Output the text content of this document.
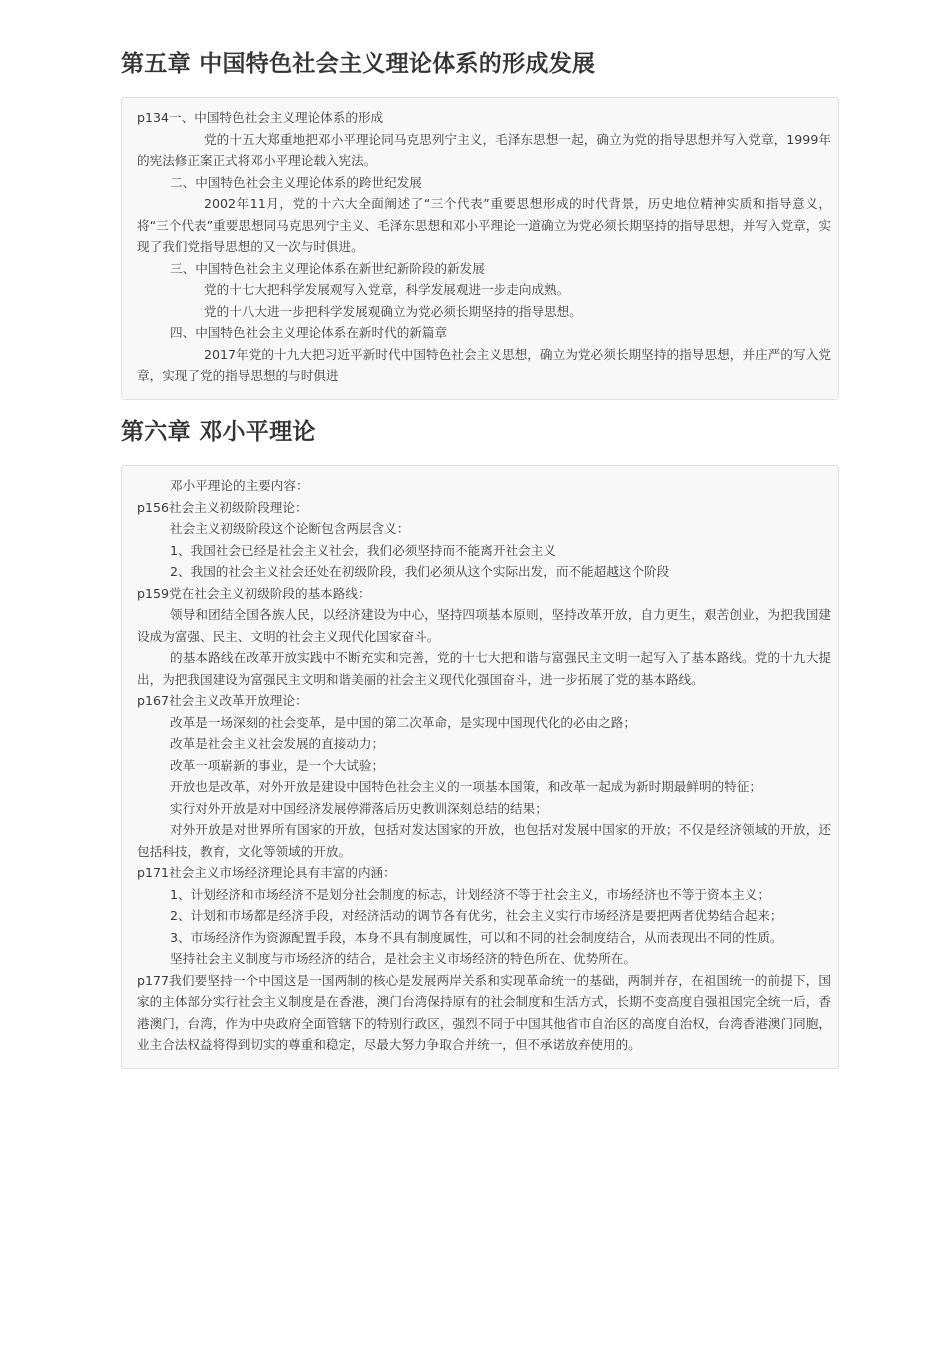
第五章 中国特色社会主义理论体系的形成发展

p134一、中国特色社会主义理论体系的形成

党的十五大郑重地把邓小平理论同马克思列宁主义，毛泽东思想一起，确立为党的指导思想并写入党章，1999年的宪法修正案正式将邓小平理论载入宪法。

二、中国特色社会主义理论体系的跨世纪发展

2002年11月，党的十六大全面阐述了“三个代表”重要思想形成的时代背景，历史地位精神实质和指导意义，将“三个代表”重要思想同马克思列宁主义、毛泽东思想和邓小平理论一道确立为党必须长期坚持的指导思想，并写入党章，实现了我们党指导思想的又一次与时俱进。

三、中国特色社会主义理论体系在新世纪新阶段的新发展

党的十七大把科学发展观写入党章，科学发展观进一步走向成熟。

党的十八大进一步把科学发展观确立为党必须长期坚持的指导思想。

四、中国特色社会主义理论体系在新时代的新篇章

2017年党的十九大把习近平新时代中国特色社会主义思想，确立为党必须长期坚持的指导思想，并庄严的写入党章，实现了党的指导思想的与时俱进

第六章 邓小平理论

邓小平理论的主要内容：

p156社会主义初级阶段理论：

社会主义初级阶段这个论断包含两层含义：

1、我国社会已经是社会主义社会，我们必须坚持而不能离开社会主义

2、我国的社会主义社会还处在初级阶段，我们必须从这个实际出发，而不能超越这个阶段

p159党在社会主义初级阶段的基本路线：

领导和团结全国各族人民，以经济建设为中心，坚持四项基本原则，坚持改革开放，自力更生，艰苦创业，为把我国建设成为富强、民主、文明的社会主义现代化国家奋斗。

的基本路线在改革开放实践中不断充实和完善，党的十七大把和谐与富强民主文明一起写入了基本路线。党的十九大提出，为把我国建设为富强民主文明和谐美丽的社会主义现代化强国奋斗，进一步拓展了党的基本路线。

p167社会主义改革开放理论：

改革是一场深刻的社会变革，是中国的第二次革命，是实现中国现代化的必由之路；

改革是社会主义社会发展的直接动力；

改革一项崭新的事业，是一个大试验；

开放也是改革，对外开放是建设中国特色社会主义的一项基本国策，和改革一起成为新时期最鲜明的特征；

实行对外开放是对中国经济发展停滞落后历史教训深刻总结的结果；

对外开放是对世界所有国家的开放，包括对发达国家的开放，也包括对发展中国家的开放；不仅是经济领域的开放，还包括科技，教育，文化等领域的开放。

p171社会主义市场经济理论具有丰富的内涵：

1、计划经济和市场经济不是划分社会制度的标志，计划经济不等于社会主义，市场经济也不等于资本主义；

2、计划和市场都是经济手段，对经济活动的调节各有优劣，社会主义实行市场经济是要把两者优势结合起来；

3、市场经济作为资源配置手段，本身不具有制度属性，可以和不同的社会制度结合，从而表现出不同的性质。

坚持社会主义制度与市场经济的结合，是社会主义市场经济的特色所在、优势所在。

p177我们要坚持一个中国这是一国两制的核心是发展两岸关系和实现革命统一的基础，两制并存，在祖国统一的前提下，国家的主体部分实行社会主义制度是在香港，澳门台湾保持原有的社会制度和生活方式，长期不变高度自强祖国完全统一后，香港澳门，台湾，作为中央政府全面管辖下的特别行政区，强烈不同于中国其他省市自治区的高度自治权，台湾香港澳门同胞，业主合法权益将得到切实的尊重和稳定，尽最大努力争取合并统一，但不承诺放弃使用的。
